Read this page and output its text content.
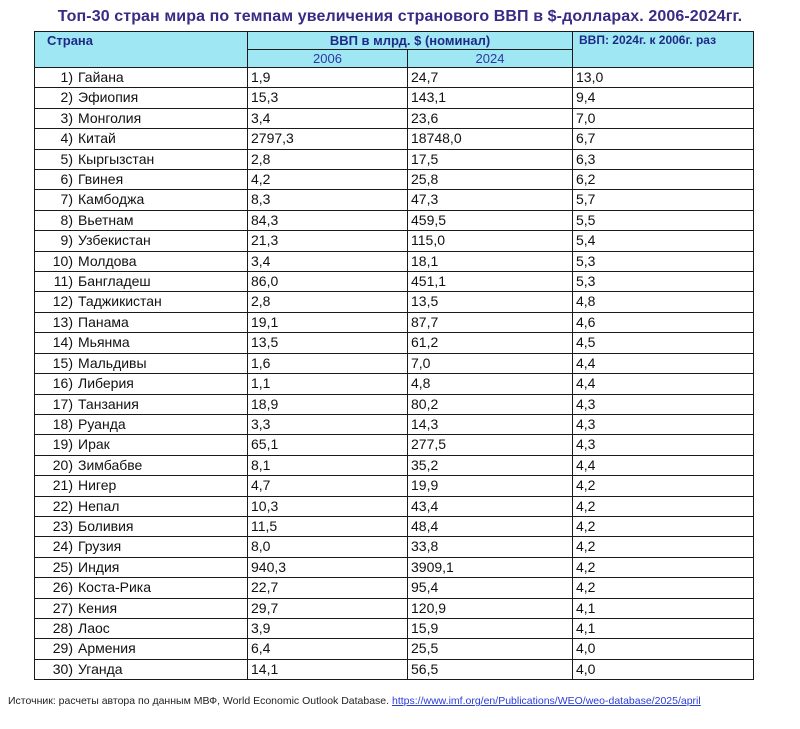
Топ-30 стран мира по темпам увеличения странового ВВП в $-долларах. 2006-2024гг.
Страна	ВВП в млрд. $ (номинал)		ВВП: 2024г. к 2006г. раз
	2006	2024	
1) Гайана	1,9	24,7	13,0
2) Эфиопия	15,3	143,1	9,4
3) Монголия	3,4	23,6	7,0
4) Китай	2797,3	18748,0	6,7
5) Кыргызстан	2,8	17,5	6,3
6) Гвинея	4,2	25,8	6,2
7) Камбоджа	8,3	47,3	5,7
8) Вьетнам	84,3	459,5	5,5
9) Узбекистан	21,3	115,0	5,4
10) Молдова	3,4	18,1	5,3
11) Бангладеш	86,0	451,1	5,3
12) Таджикистан	2,8	13,5	4,8
13) Панама	19,1	87,7	4,6
14) Мьянма	13,5	61,2	4,5
15) Мальдивы	1,6	7,0	4,4
16) Либерия	1,1	4,8	4,4
17) Танзания	18,9	80,2	4,3
18) Руанда	3,3	14,3	4,3
19) Ирак	65,1	277,5	4,3
20) Зимбабве	8,1	35,2	4,4
21) Нигер	4,7	19,9	4,2
22) Непал	10,3	43,4	4,2
23) Боливия	11,5	48,4	4,2
24) Грузия	8,0	33,8	4,2
25) Индия	940,3	3909,1	4,2
26) Коста-Рика	22,7	95,4	4,2
27) Кения	29,7	120,9	4,1
28) Лаос	3,9	15,9	4,1
29) Армения	6,4	25,5	4,0
30) Уганда	14,1	56,5	4,0
Источник: расчеты автора по данным МВФ, World Economic Outlook Database. https://www.imf.org/en/Publications/WEO/weo-database/2025/april
